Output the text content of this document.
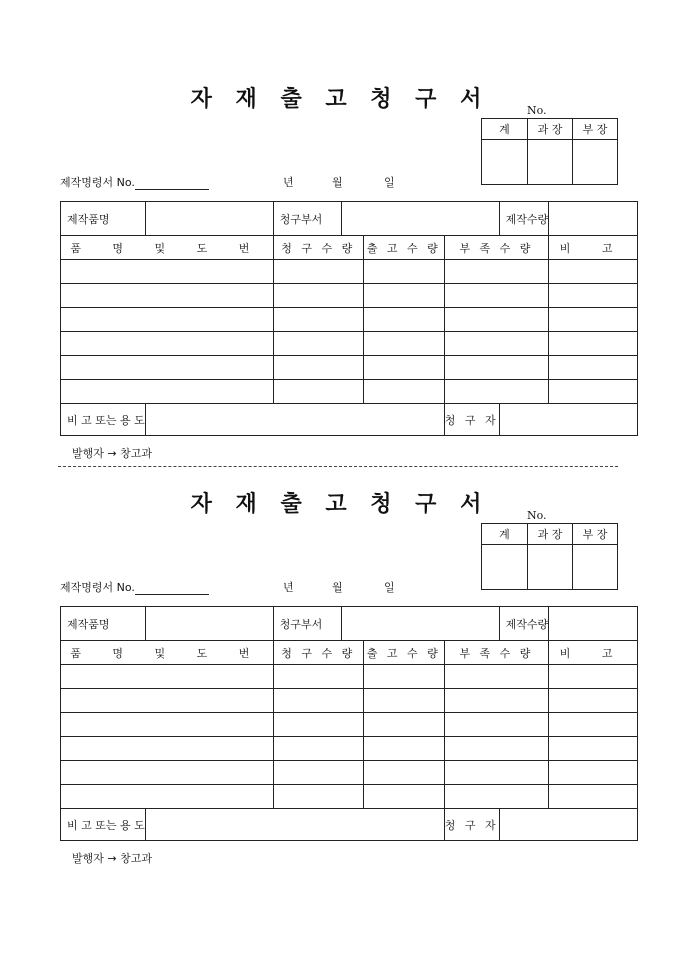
자 재 출 고 청 구 서	No.
계	과 장	부 장

제작명령서 No.	년	월	일
제작품명		청구부서				제작수량	
품 명 및 도 번		청 구 수 량		출 고 수 량	부 족 수 량		비 고

비 고 또는 용 도					청 구 자		
발행자 → 창고과
자 재 출 고 청 구 서	No.
계	과 장	부 장

제작명령서 No.	년	월	일
제작품명		청구부서				제작수량	
품 명 및 도 번		청 구 수 량		출 고 수 량	부 족 수 량		비 고

비 고 또는 용 도					청 구 자		
발행자 → 창고과
